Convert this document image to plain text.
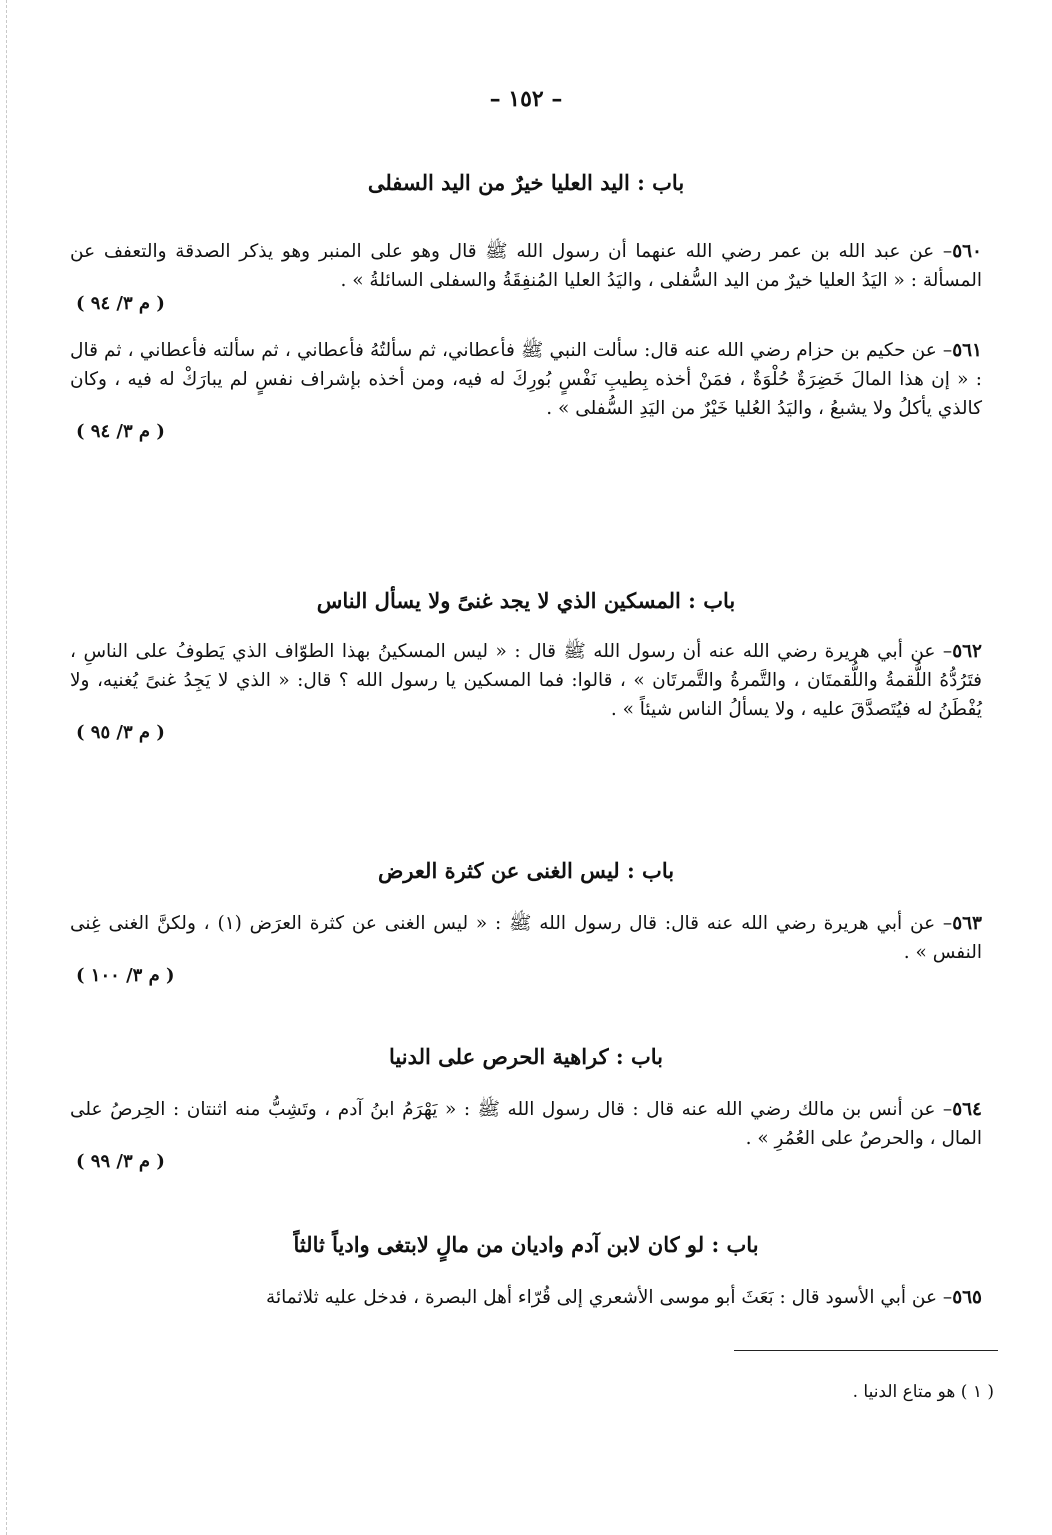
– ١٥٢ –
باب : اليد العليا خيرٌ من اليد السفلى

٥٦٠– عن عبد الله بن عمر رضي الله عنهما أن رسول الله ﷺ قال وهو على المنبر وهو يذكر الصدقة والتعفف عن المسألة : « اليَدُ العليا خيرٌ من اليد السُّفلى ، واليَدُ العليا المُنفِقَةُ والسفلى السائلةُ » .

( م ٣/ ٩٤ )

٥٦١– عن حكيم بن حزام رضي الله عنه قال: سألت النبي ﷺ فأعطاني، ثم سألتُهُ فأعطاني ، ثم سألته فأعطاني ، ثم قال : « إن هذا المالَ خَضِرَةٌ حُلْوَةٌ ، فمَنْ أخذه بِطيبِ نَفْسٍ بُورِكَ له فيه، ومن أخذه بإشراف نفسٍ لم يبارَكْ له فيه ، وكان كالذي يأكلُ ولا يشبعُ ، واليَدُ العُليا خَيْرٌ من اليَدِ السُّفلى » .

( م ٣/ ٩٤ )
باب : المسكين الذي لا يجد غنىً ولا يسأل الناس

٥٦٢– عن أبي هريرة رضي الله عنه أن رسول الله ﷺ قال : « ليس المسكينُ بهذا الطوّاف الذي يَطوفُ على الناسِ ، فتَرُدُّهُ اللُّقمةُ واللُّقمتَان ، والتَّمرةُ والتَّمرتَان » ، قالوا: فما المسكين يا رسول الله ؟ قال: « الذي لا يَجِدُ غنىً يُغنيه، ولا يُفْطَنُ له فيُتَصدَّقَ عليه ، ولا يسألُ الناس شيئاً » .

( م ٣/ ٩٥ )
باب : ليس الغنى عن كثرة العرض

٥٦٣– عن أبي هريرة رضي الله عنه قال: قال رسول الله ﷺ : « ليس الغنى عن كثرة العرَض (١) ، ولكنَّ الغنى غِنى النفس » .

( م ٣/ ١٠٠ )
باب : كراهية الحرص على الدنيا

٥٦٤– عن أنس بن مالك رضي الله عنه قال : قال رسول الله ﷺ : « يَهْرَمُ ابنُ آدم ، وتَشِبُّ منه اثنتان : الحِرصُ على المال ، والحرصُ على العُمُرِ » .

( م ٣/ ٩٩ )
باب : لو كان لابن آدم واديان من مالٍ لابتغى وادياً ثالثاً

٥٦٥– عن أبي الأسود قال : بَعَثَ أبو موسى الأشعري إلى قُرّاء أهل البصرة ، فدخل عليه ثلاثمائة

( ١ ) هو متاع الدنيا .
